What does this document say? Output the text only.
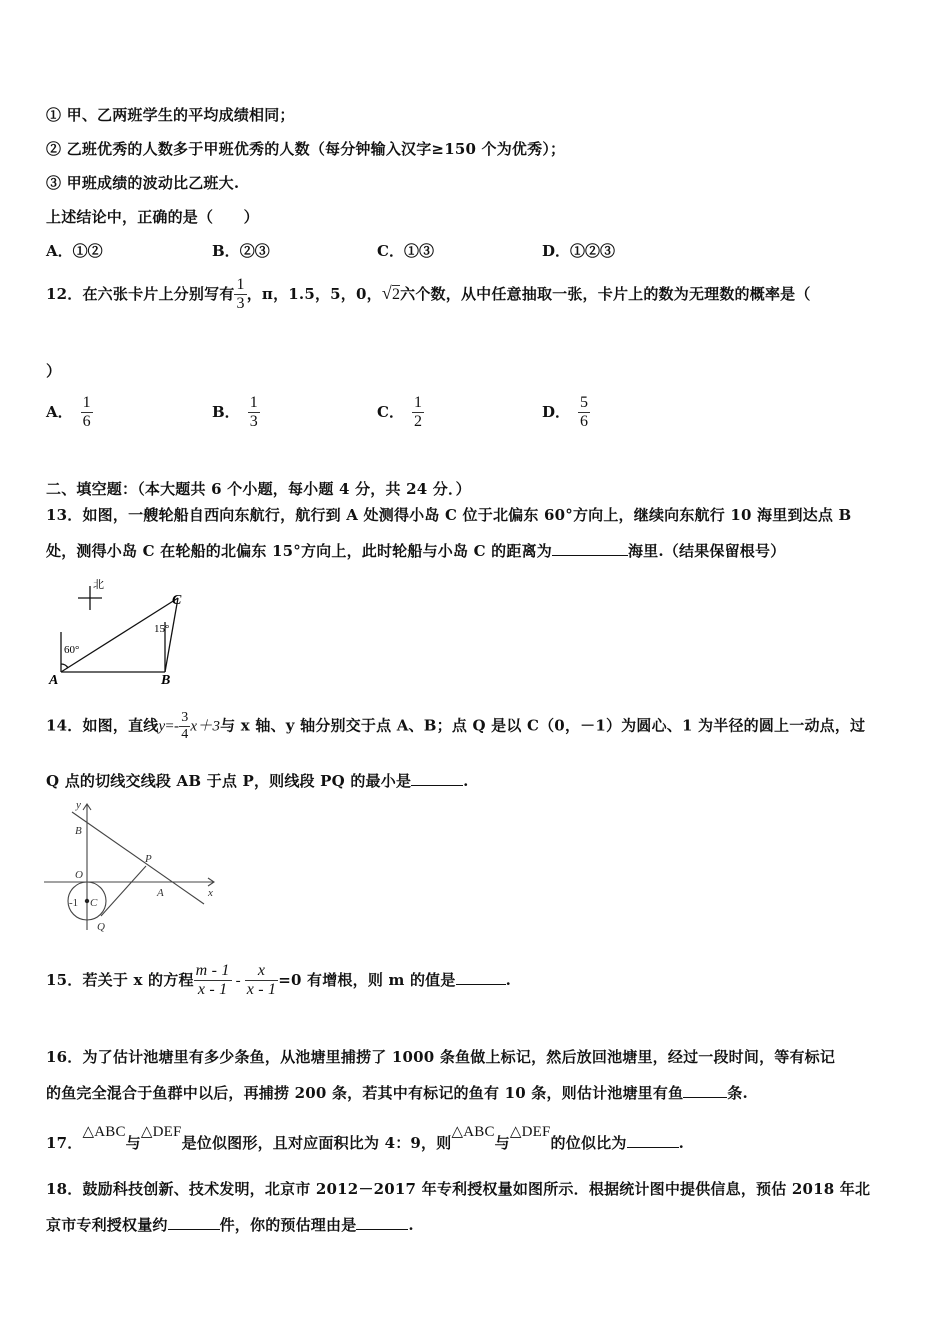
① 甲、乙两班学生的平均成绩相同；
② 乙班优秀的人数多于甲班优秀的人数（每分钟输入汉字≥150 个为优秀）；
③ 甲班成绩的波动比乙班大.
上述结论中，正确的是（　　）
A．①②	B．②③	C．①③	D．①②③
12．在六张卡片上分别写有 $\frac{1}{3}$ ，π，1.5，5，0，√2六个数，从中任意抽取一张，卡片上的数为无理数的概率是（
）
A． $\frac{1}{6}$	B． $\frac{1}{3}$	C． $\frac{1}{2}$	D． $\frac{5}{6}$
二、填空题：（本大题共 6 个小题，每小题 4 分，共 24 分．）
13．如图，一艘轮船自西向东航行，航行到 A 处测得小岛 C 位于北偏东 60°方向上，继续向东航行 10 海里到达点 B
处，测得小岛 C 在轮船的北偏东 15°方向上，此时轮船与小岛 C 的距离为	海里.（结果保留根号）
北
C
A	B
60°
15°
14．如图，直线$y=- \frac{3}{4} x+3$与 x 轴、y 轴分别交于点 A、B；点 Q 是以 C（0，－1）为圆心、1 为半径的圆上一动点，过
Q 点的切线交线段 AB 于点 P，则线段 PQ 的最小是	.
y
x
B
P
O
A
C
Q
-1
15．若关于 x 的方程 $\frac{m - 1}{x - 1} - \frac{x}{x - 1} =0$ 有增根，则 m 的值是	.
16．为了估计池塘里有多少条鱼，从池塘里捕捞了 1000 条鱼做上标记，然后放回池塘里，经过一段时间，等有标记
的鱼完全混合于鱼群中以后，再捕捞 200 条，若其中有标记的鱼有 10 条，则估计池塘里有鱼	条.
17．△ABC与△DEF是位似图形，且对应面积比为 4：9，则△ABC与△DEF的位似比为	.
18．鼓励科技创新、技术发明，北京市 2012－2017 年专利授权量如图所示．根据统计图中提供信息，预估 2018 年北
京市专利授权量约	件，你的预估理由是	.
